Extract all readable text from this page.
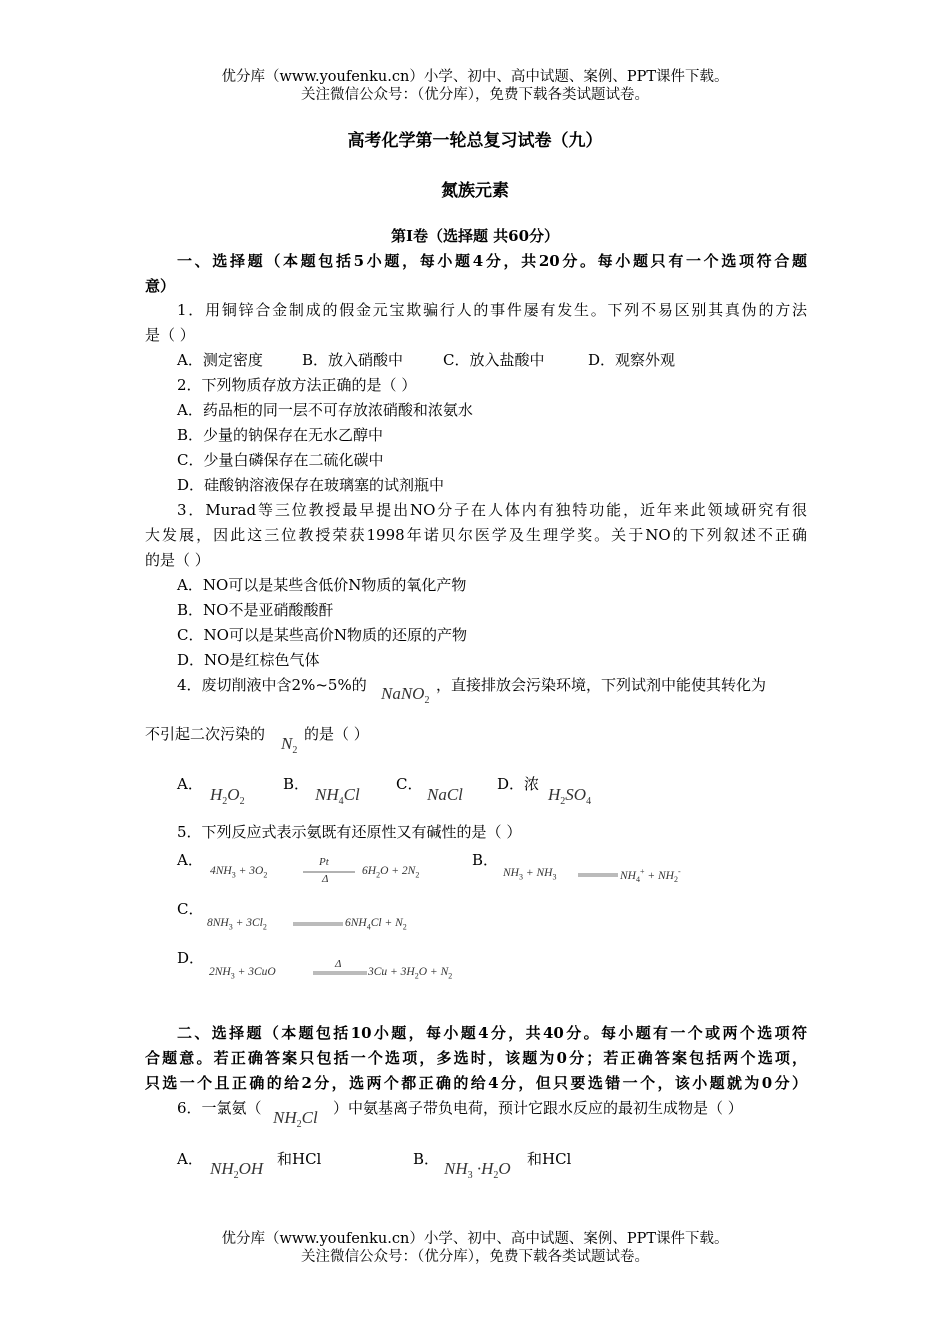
优分库（www.youfenku.cn）小学、初中、高中试题、案例、PPT课件下载。
关注微信公众号：（优分库），免费下载各类试题试卷。
高考化学第一轮总复习试卷（九）
氮族元素
第Ⅰ卷（选择题 共60分）
一、选择题（本题包括5小题，每小题4分，共20分。每小题只有一个选项符合题
意）
1．用铜锌合金制成的假金元宝欺骗行人的事件屡有发生。下列不易区别其真伪的方法
是（ ）
A．测定密度	B．放入硝酸中	C．放入盐酸中	D．观察外观
2．下列物质存放方法正确的是（ ）
A．药品柜的同一层不可存放浓硝酸和浓氨水
B．少量的钠保存在无水乙醇中
C．少量白磷保存在二硫化碳中
D．硅酸钠溶液保存在玻璃塞的试剂瓶中
3．Murad等三位教授最早提出NO分子在人体内有独特功能，近年来此领域研究有很
大发展，因此这三位教授荣获1998年诺贝尔医学及生理学奖。关于NO的下列叙述不正确
的是（ ）
A．NO可以是某些含低价N物质的氧化产物
B．NO不是亚硝酸酸酐
C．NO可以是某些高价N物质的还原的产物
D．NO是红棕色气体
4．废切削液中含2%~5%的 NaNO$_2$
，直接排放会污染环境，下列试剂中能使其转化为
不引起二次污染的 $N_2$
的是（ ）
A．
$H_2O_2$
B．
$NH_4Cl$
C．
NaCl
D．浓
$H_2SO_4$
5．下列反应式表示氨既有还原性又有碱性的是（ ）
A．
$4NH_3 + 3O_2$
Pt
Δ
$6H_2O + 2N_2$
B．
$NH_3 + NH_3$	$NH_4^+ + NH_2^-$
C．
$8NH_3 + 3Cl_2$	$6NH_4Cl + N_2$
D．
$2NH_3 + 3CuO$
Δ
$3Cu + 3H_2O + N_2$
二、选择题（本题包括10小题，每小题4分，共40分。每小题有一个或两个选项符
合题意。若正确答案只包括一个选项，多选时，该题为0分；若正确答案包括两个选项，
只选一个且正确的给2分，选两个都正确的给4分，但只要选错一个，该小题就为0分）
6．一氯氨（ $NH_2Cl$ ）中氨基离子带负电荷，预计它跟水反应的最初生成物是（ ）
A． $NH_2OH$ 和HCl	B． $NH_3 \cdot H_2O$ 和HCl
优分库（www.youfenku.cn）小学、初中、高中试题、案例、PPT课件下载。
关注微信公众号：（优分库），免费下载各类试题试卷。
